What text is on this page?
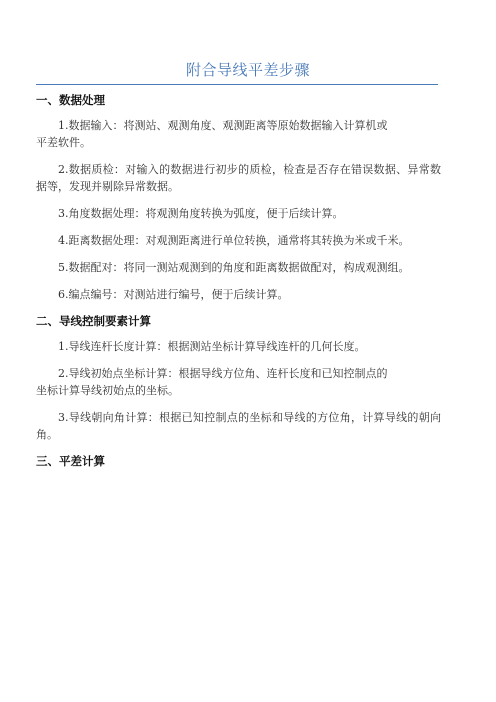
附合导线平差步骤
一、数据处理

1.数据输入：将测站、观测角度、观测距离等原始数据输入计算机或
平差软件。

2.数据质检：对输入的数据进行初步的质检，检查是否存在错误数据、异常数据等，发现并剔除异常数据。

3.角度数据处理：将观测角度转换为弧度，便于后续计算。

4.距离数据处理：对观测距离进行单位转换，通常将其转换为米或千米。

5.数据配对：将同一测站观测到的角度和距离数据做配对，构成观测组。

6.编点编号：对测站进行编号，便于后续计算。

二、导线控制要素计算

1.导线连杆长度计算：根据测站坐标计算导线连杆的几何长度。

2.导线初始点坐标计算：根据导线方位角、连杆长度和已知控制点的
坐标计算导线初始点的坐标。

3.导线朝向角计算：根据已知控制点的坐标和导线的方位角，计算导线的朝向角。

三、平差计算
